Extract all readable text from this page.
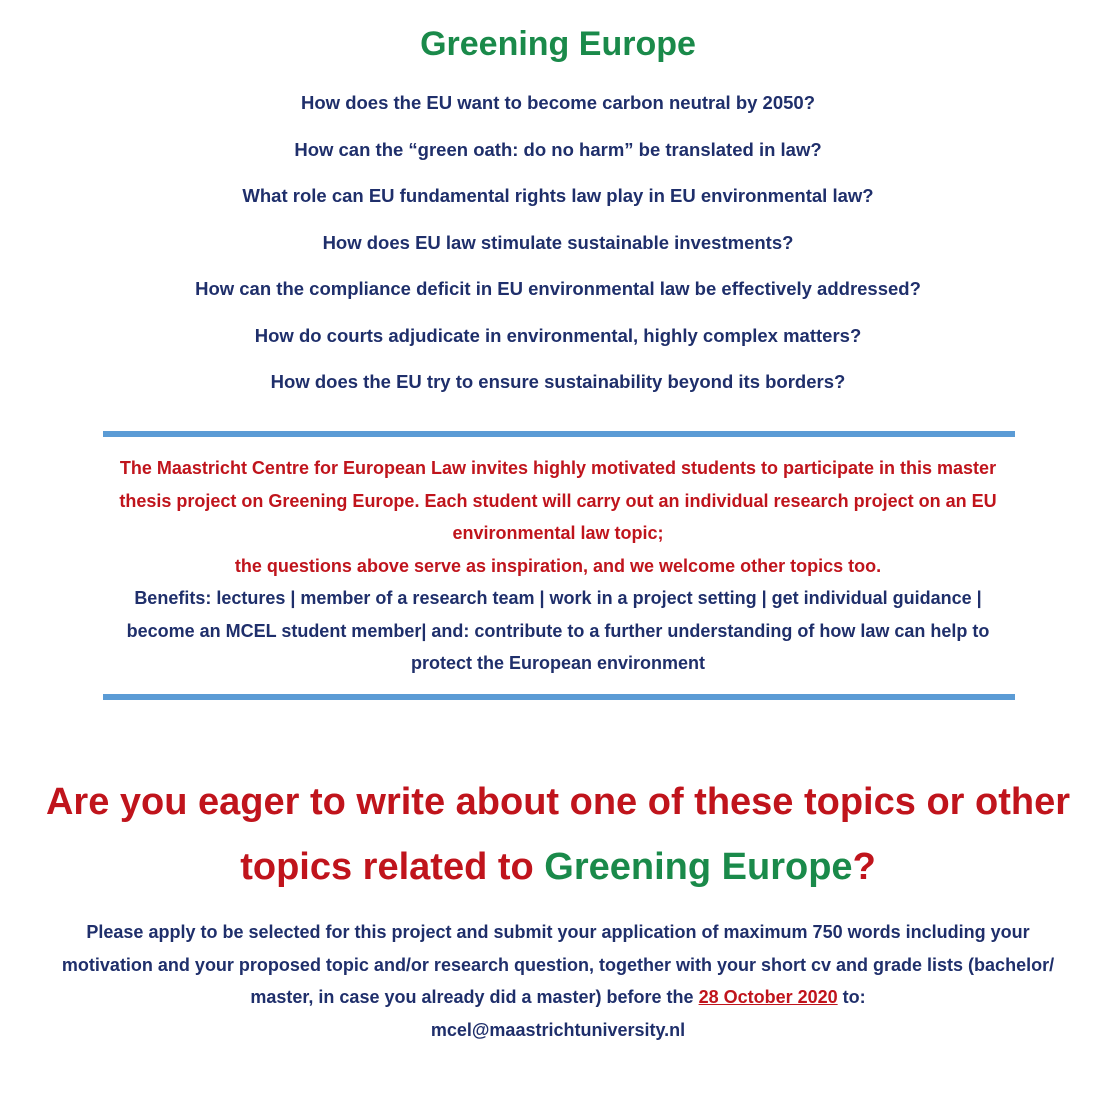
Greening Europe
How does the EU want to become carbon neutral by 2050?
How can the “green oath: do no harm” be translated in law?
What role can EU fundamental rights law play in EU environmental law?
How does EU law stimulate sustainable investments?
How can the compliance deficit in EU environmental law be effectively addressed?
How do courts adjudicate in environmental, highly complex matters?
How does the EU try to ensure sustainability beyond its borders?
The Maastricht Centre for European Law invites highly motivated students to participate in this master thesis project on Greening Europe. Each student will carry out an individual research project on an EU environmental law topic;
the questions above serve as inspiration, and we welcome other topics too.
Benefits: lectures | member of a research team | work in a project setting | get individual guidance | become an MCEL student member| and: contribute to a further understanding of how law can help to protect the European environment
Are you eager to write about one of these topics or other topics related to Greening Europe?

Please apply to be selected for this project and submit your application of maximum 750 words including your motivation and your proposed topic and/or research question, together with your short cv and grade lists (bachelor/ master, in case you already did a master) before the 28 October 2020 to:
mcel@maastrichtuniversity.nl
